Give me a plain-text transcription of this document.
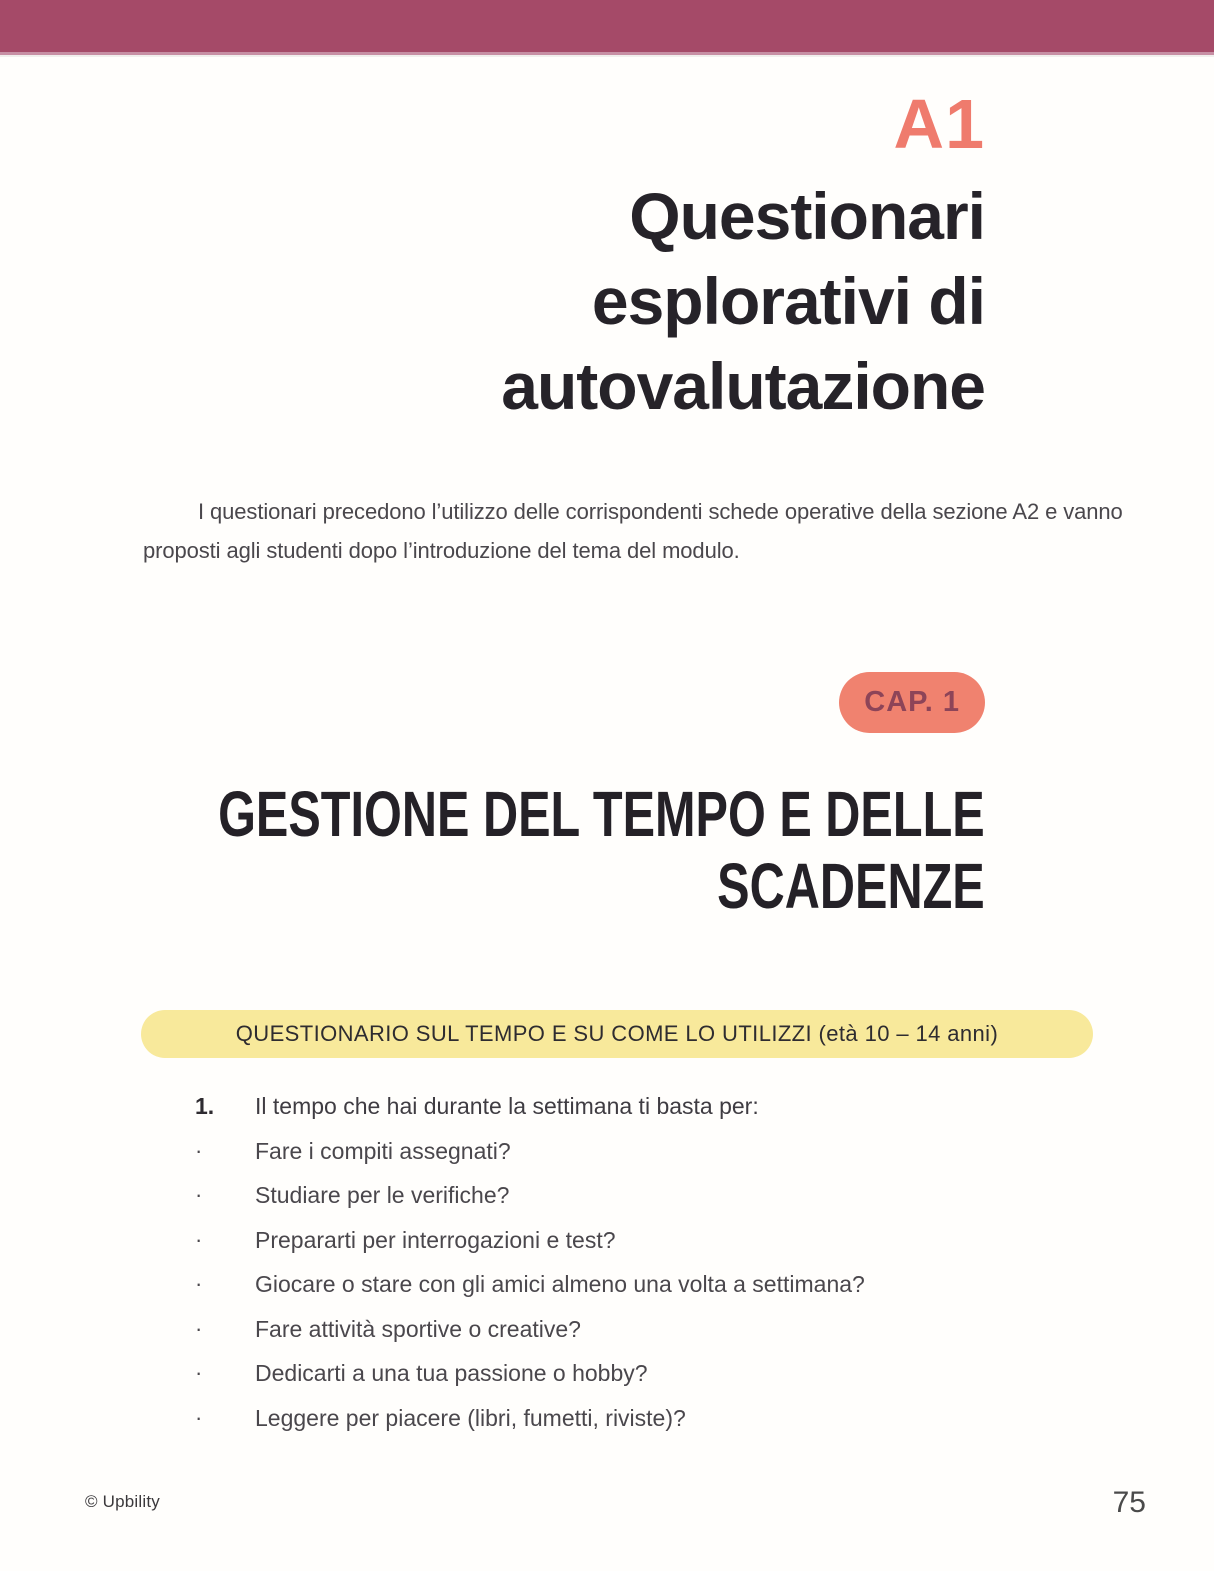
A1
Questionari
esplorativi di
autovalutazione

I questionari precedono l’utilizzo delle corrispondenti schede operative della sezione A2 e vanno proposti agli studenti dopo l’introduzione del tema del modulo.

CAP. 1
GESTIONE DEL TEMPO E DELLE
SCADENZE
QUESTIONARIO SUL TEMPO E SU COME LO UTILIZZI (età 10 – 14 anni)
1.	Il tempo che hai durante la settimana ti basta per:
·	Fare i compiti assegnati?
·	Studiare per le verifiche?
·	Prepararti per interrogazioni e test?
·	Giocare o stare con gli amici almeno una volta a settimana?
·	Fare attività sportive o creative?
·	Dedicarti a una tua passione o hobby?
·	Leggere per piacere (libri, fumetti, riviste)?
© Upbility	75
